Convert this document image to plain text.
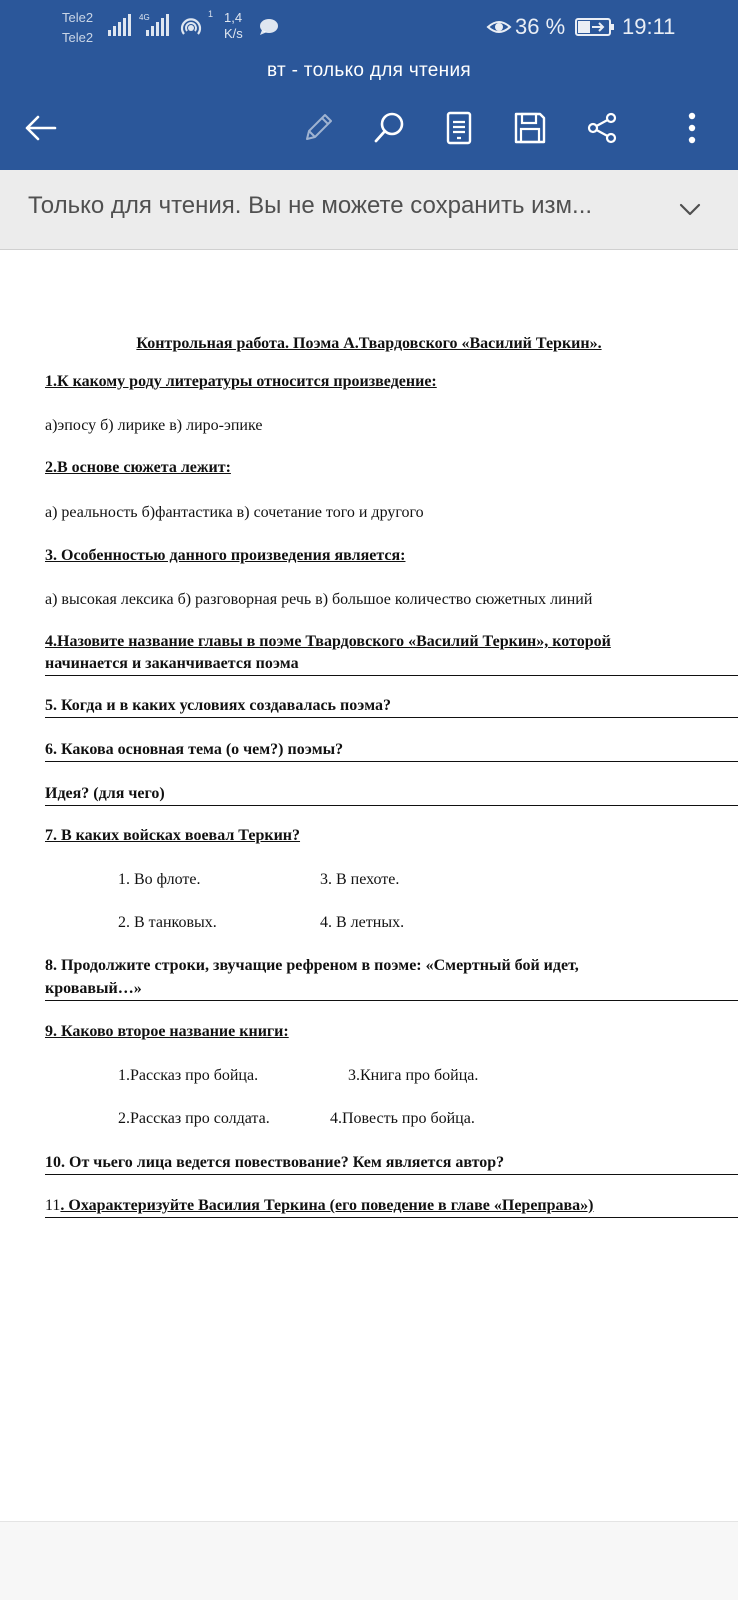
Tele2
Tele2
4G	1 1,4
K/s	36 %	19:11
вт - только для чтения
Только для чтения. Вы не можете сохранить изм...
Контрольная работа. Поэма А.Твардовского «Василий Теркин».
1.К какому роду литературы относится произведение:
а)эпосу б) лирике в) лиро-эпике
2.В основе сюжета лежит:
а) реальность б)фантастика в) сочетание того и другого
3. Особенностью данного произведения является:
а) высокая лексика б) разговорная речь в) большое количество сюжетных линий
4.Назовите название главы в поэме Твардовского «Василий Теркин», которой
начинается и заканчивается поэма
5. Когда и в каких условиях создавалась поэма?
6. Какова основная тема (о чем?) поэмы?
Идея? (для чего)
7. В каких войсках воевал Теркин?
1. Во флоте.	3. В пехоте.
2. В танковых.	4. В летных.
8. Продолжите строки, звучащие рефреном в поэме: «Смертный бой идет,
кровавый…»
9. Каково второе название книги:
1.Рассказ про бойца.	3.Книга про бойца.
2.Рассказ про солдата.	4.Повесть про бойца.
10. От чьего лица ведется повествование? Кем является автор?
11. Охарактеризуйте Василия Теркина (его поведение в главе «Переправа»)
